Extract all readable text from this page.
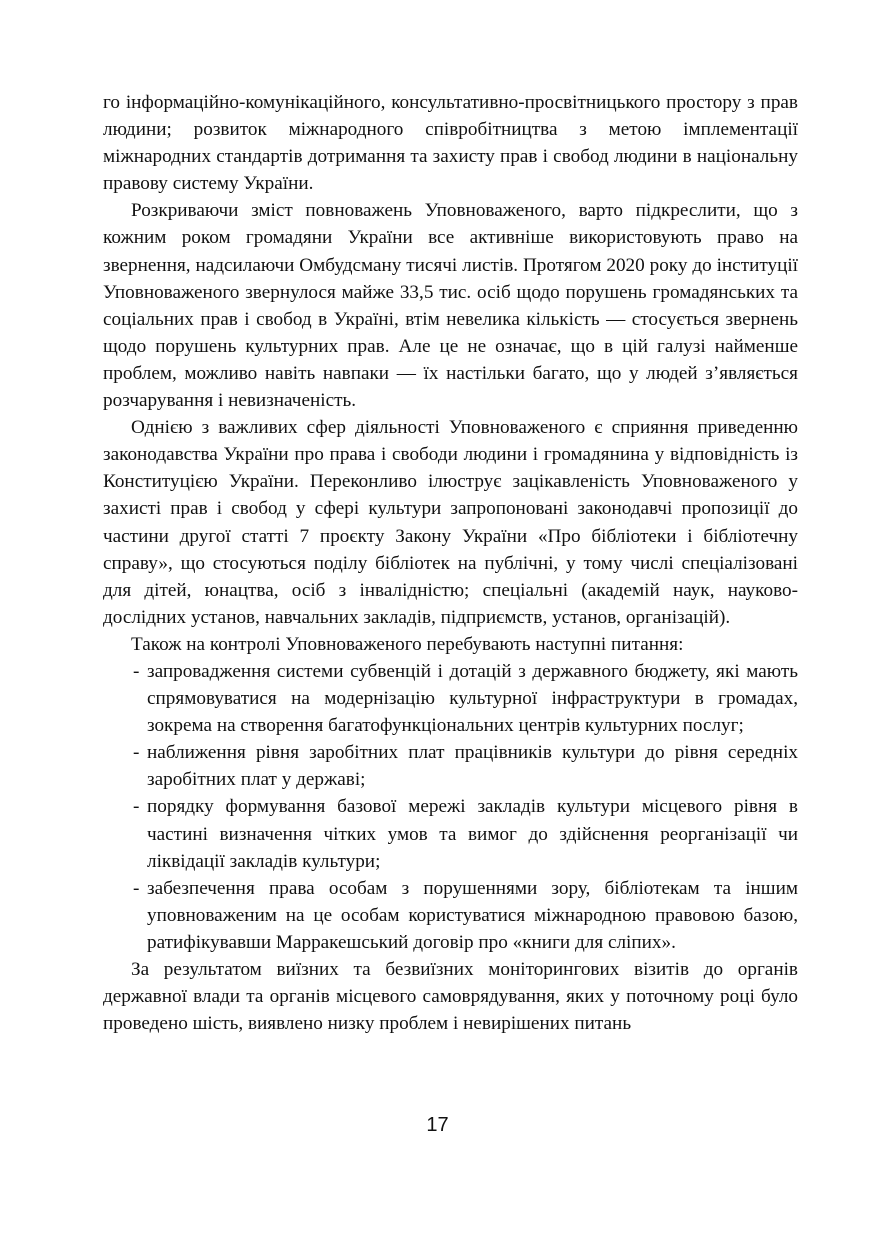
го інформаційно-комунікаційного, консультативно-просвітницького простору з прав людини; розвиток міжнародного співробітництва з метою імплементації міжнародних стандартів дотримання та захисту прав і свобод людини в національну правову систему України.

Розкриваючи зміст повноважень Уповноваженого, варто підкреслити, що з кожним роком громадяни України все активніше використовують право на звернення, надсилаючи Омбудсману тисячі листів. Протягом 2020 року до інституції Уповноваженого звернулося майже 33,5 тис. осіб щодо порушень громадянських та соціальних прав і свобод в Україні, втім невелика кількість — стосується звернень щодо порушень культурних прав. Але це не означає, що в цій галузі найменше проблем, можливо навіть навпаки — їх настільки багато, що у людей з’являється розчарування і невизначеність.

Однією з важливих сфер діяльності Уповноваженого є сприяння приведенню законодавства України про права і свободи людини і громадянина у відповідність із Конституцією України. Переконливо ілюструє зацікавленість Уповноваженого у захисті прав і свобод у сфері культури запропоновані законодавчі пропозиції до частини другої статті 7 проєкту Закону України «Про бібліотеки і бібліотечну справу», що стосуються поділу бібліотек на публічні, у тому числі спеціалізовані для дітей, юнацтва, осіб з інвалідністю; спеціальні (академій наук, науково-дослідних установ, навчальних закладів, підприємств, установ, організацій).

Також на контролі Уповноваженого перебувають наступні питання:

- запровадження системи субвенцій і дотацій з державного бюджету, які мають спрямовуватися на модернізацію культурної інфраструктури в громадах, зокрема на створення багатофункціональних центрів культурних послуг;
- наближення рівня заробітних плат працівників культури до рівня середніх заробітних плат у державі;
- порядку формування базової мережі закладів культури місцевого рівня в частині визначення чітких умов та вимог до здійснення реорганізації чи ліквідації закладів культури;
- забезпечення права особам з порушеннями зору, бібліотекам та іншим уповноваженим на це особам користуватися міжнародною правовою базою, ратифікувавши Марракешський договір про «книги для сліпих».

За результатом виїзних та безвиїзних моніторингових візитів до органів державної влади та органів місцевого самоврядування, яких у поточному році було проведено шість, виявлено низку проблем і невирішених питань

17
